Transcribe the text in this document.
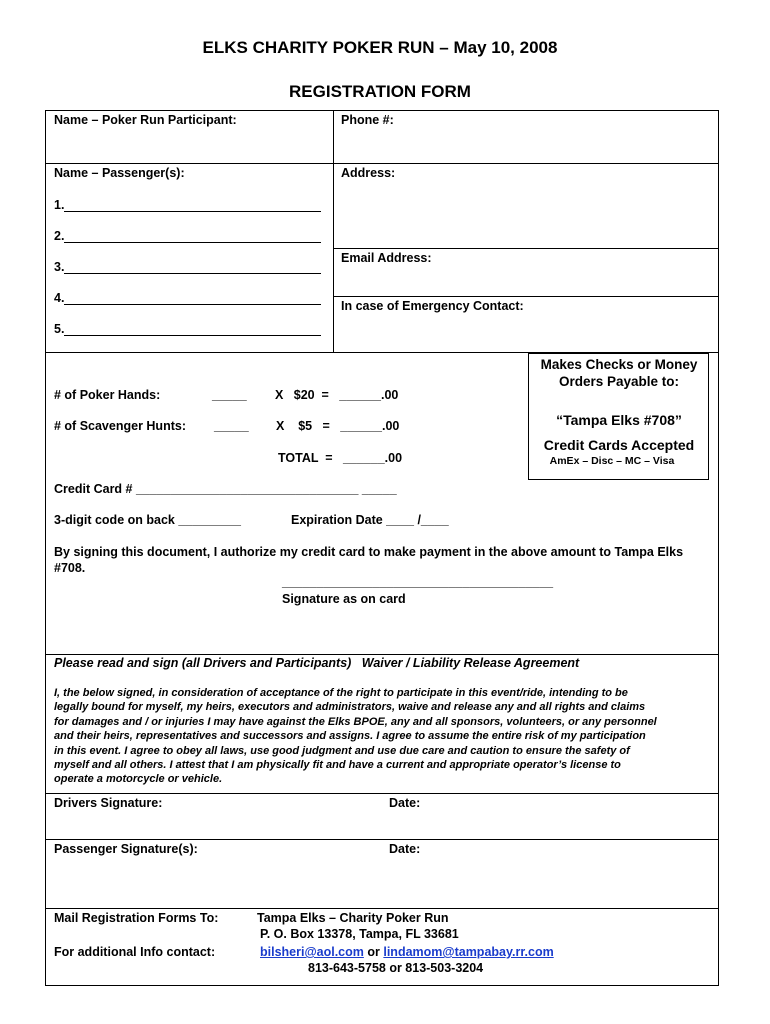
ELKS CHARITY POKER RUN – May 10, 2008
REGISTRATION FORM
Name – Poker Run Participant:	Phone #:
Name – Passenger(s):	Address:
Email Address:
In case of Emergency Contact:
1.
2.
3.
4.
5.
Makes Checks or Money Orders Payable to:
“Tampa Elks #708”
Credit Cards Accepted
AmEx – Disc – MC – Visa
# of Poker Hands:	_____ X   $20  =   ______.00
# of Scavenger Hunts: _____ X    $5   =   ______.00
TOTAL  =   ______.00
Credit Card # ________________________________ _____
3-digit code on back _________	Expiration Date ____ /____
By signing this document, I authorize my credit card to make payment in the above amount to Tampa Elks #708.
_______________________________________
Signature as on card
Please read and sign (all Drivers and Participants)   Waiver / Liability Release Agreement
I, the below signed, in consideration of acceptance of the right to participate in this event/ride, intending to be
legally bound for myself, my heirs, executors and administrators, waive and release any and all rights and claims
for damages and / or injuries I may have against the Elks BPOE, any and all sponsors, volunteers, or any personnel
and their heirs, representatives and successors and assigns. I agree to assume the entire risk of my participation
in this event. I agree to obey all laws, use good judgment and use due care and caution to ensure the safety of
myself and all others. I attest that I am physically fit and have a current and appropriate operator’s license to
operate a motorcycle or vehicle.
Drivers Signature:	Date:
Passenger Signature(s):	Date:
Mail Registration Forms To:	Tampa Elks – Charity Poker Run
P. O. Box 13378, Tampa, FL 33681
For additional Info contact:	bilsheri@aol.com or lindamom@tampabay.rr.com
813-643-5758 or 813-503-3204
